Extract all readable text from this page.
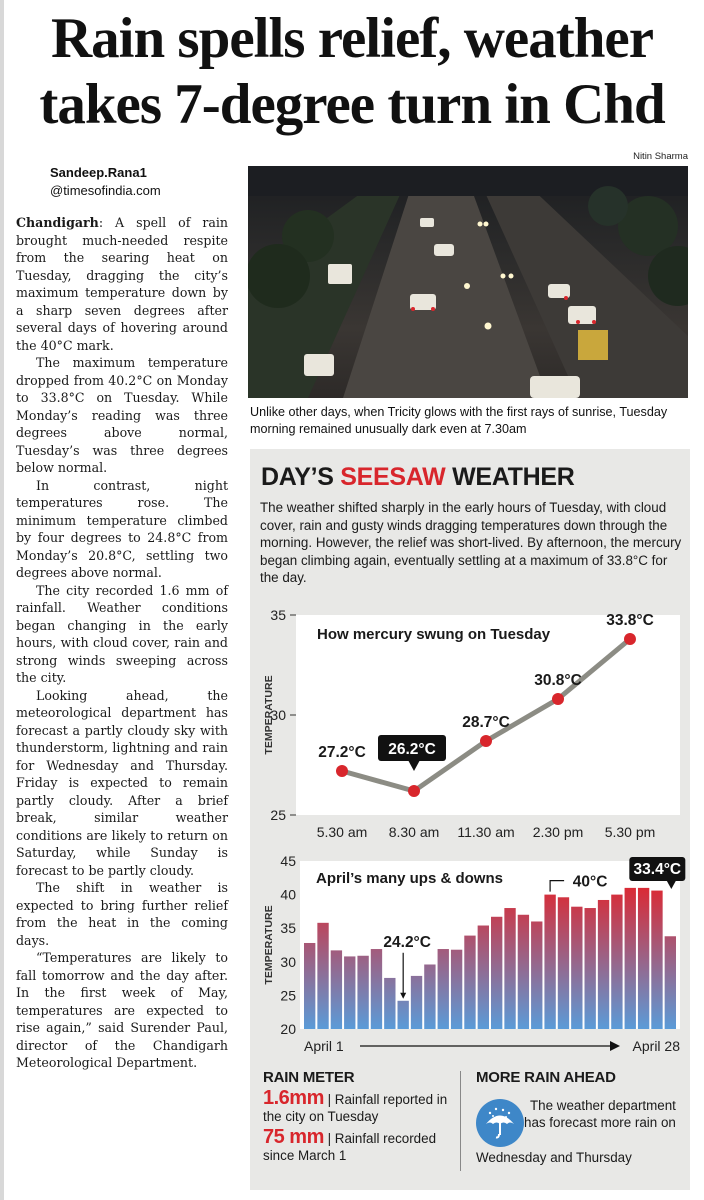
Rain spells relief, weather
takes 7-degree turn in Chd
Sandeep.Rana1
@timesofindia.com

Chandigarh: A spell of rain brought much-needed respite from the searing heat on Tuesday, dragging the city’s maximum temperature down by a sharp seven degrees after several days of hovering around the 40°C mark.

The maximum temperature dropped from 40.2°C on Monday to 33.8°C on Tuesday. While Monday’s reading was three degrees above normal, Tuesday’s was three degrees below normal.

In contrast, night temperatures rose. The minimum temperature climbed by four degrees to 24.8°C from Monday’s 20.8°C, settling two degrees above normal.

The city recorded 1.6 mm of rainfall. Weather conditions began changing in the early hours, with cloud cover, rain and strong winds sweeping across the city.

Looking ahead, the meteorological department has forecast a partly cloudy sky with thunderstorm, lightning and rain for Wednesday and Thursday. Friday is expected to remain partly cloudy. After a brief break, similar weather conditions are likely to return on Saturday, while Sunday is forecast to be partly cloudy.

The shift in weather is expected to bring further relief from the heat in the coming days.

“Temperatures are likely to fall tomorrow and the day after. In the first week of May, temperatures are expected to rise again,” said Surender Paul, director of the Chandigarh Meteorological Department.

Nitin Sharma
Unlike other days, when Tricity glows with the first rays of sunrise, Tuesday morning remained unusually dark even at 7.30am
DAY’S SEESAW WEATHER
The weather shifted sharply in the early hours of Tuesday, with cloud cover, rain and gusty winds dragging temperatures down through the morning. However, the relief was short-lived. By afternoon, the mercury began climbing again, eventually settling at a maximum of 33.8°C for the day.
25
30
35
TEMPERATURE
How mercury swung on Tuesday
27.2°C 26.2°C
28.7°C
30.8°C
33.8°C
5.30 am 8.30 am 11.30 am 2.30 pm 5.30 pm
20
25
30
35
40
45
TEMPERATURE
April’s many ups & downs
24.2°C
40°C
33.4°C
April 1	April 28
RAIN METER
1.6mm | Rainfall reported in the city on Tuesday
75 mm | Rainfall recorded since March 1
MORE RAIN AHEAD
The weather department has forecast more rain on
Wednesday and Thursday
